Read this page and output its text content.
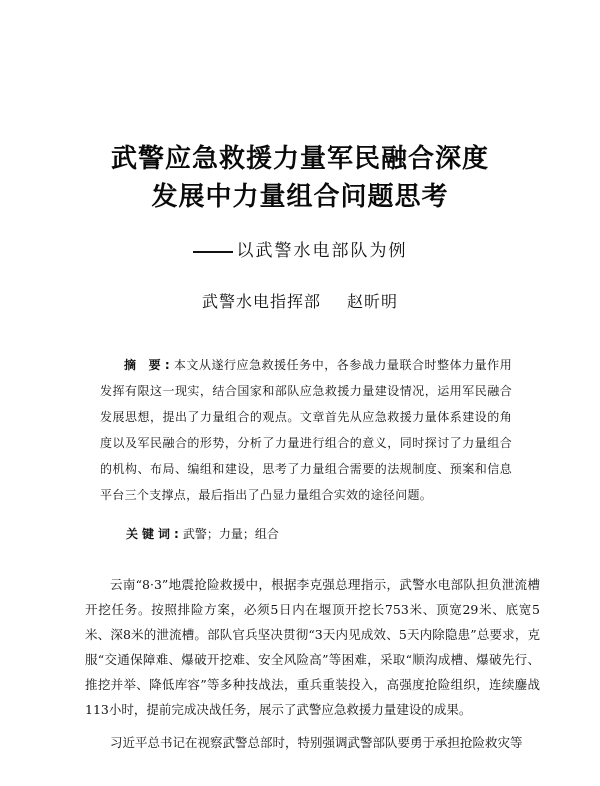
武警应急救援力量军民融合深度
发展中力量组合问题思考
以武警水电部队为例
武警水电指挥部 赵昕明

摘 要:本文从遂行应急救援任务中，各参战力量联合时整体力量作用发挥有限这一现实，结合国家和部队应急救援力量建设情况，运用军民融合发展思想，提出了力量组合的观点。文章首先从应急救援力量体系建设的角度以及军民融合的形势，分析了力量进行组合的意义，同时探讨了力量组合的机构、布局、编组和建设，思考了力量组合需要的法规制度、预案和信息平台三个支撑点，最后指出了凸显力量组合实效的途径问题。

关键词:武警；力量；组合

云南“8·3”地震抢险救援中，根据李克强总理指示，武警水电部队担负泄流槽开挖任务。按照排险方案，必须5日内在堰顶开挖长753米、顶宽29米、底宽5米、深8米的泄流槽。部队官兵坚决贯彻“3天内见成效、5天内除隐患”总要求，克服“交通保障难、爆破开挖难、安全风险高”等困难，采取“顺沟成槽、爆破先行、推挖并举、降低库容”等多种技战法，重兵重装投入，高强度抢险组织，连续鏖战113小时，提前完成决战任务，展示了武警应急救援力量建设的成果。

习近平总书记在视察武警总部时，特别强调武警部队要勇于承担抢险救灾等
